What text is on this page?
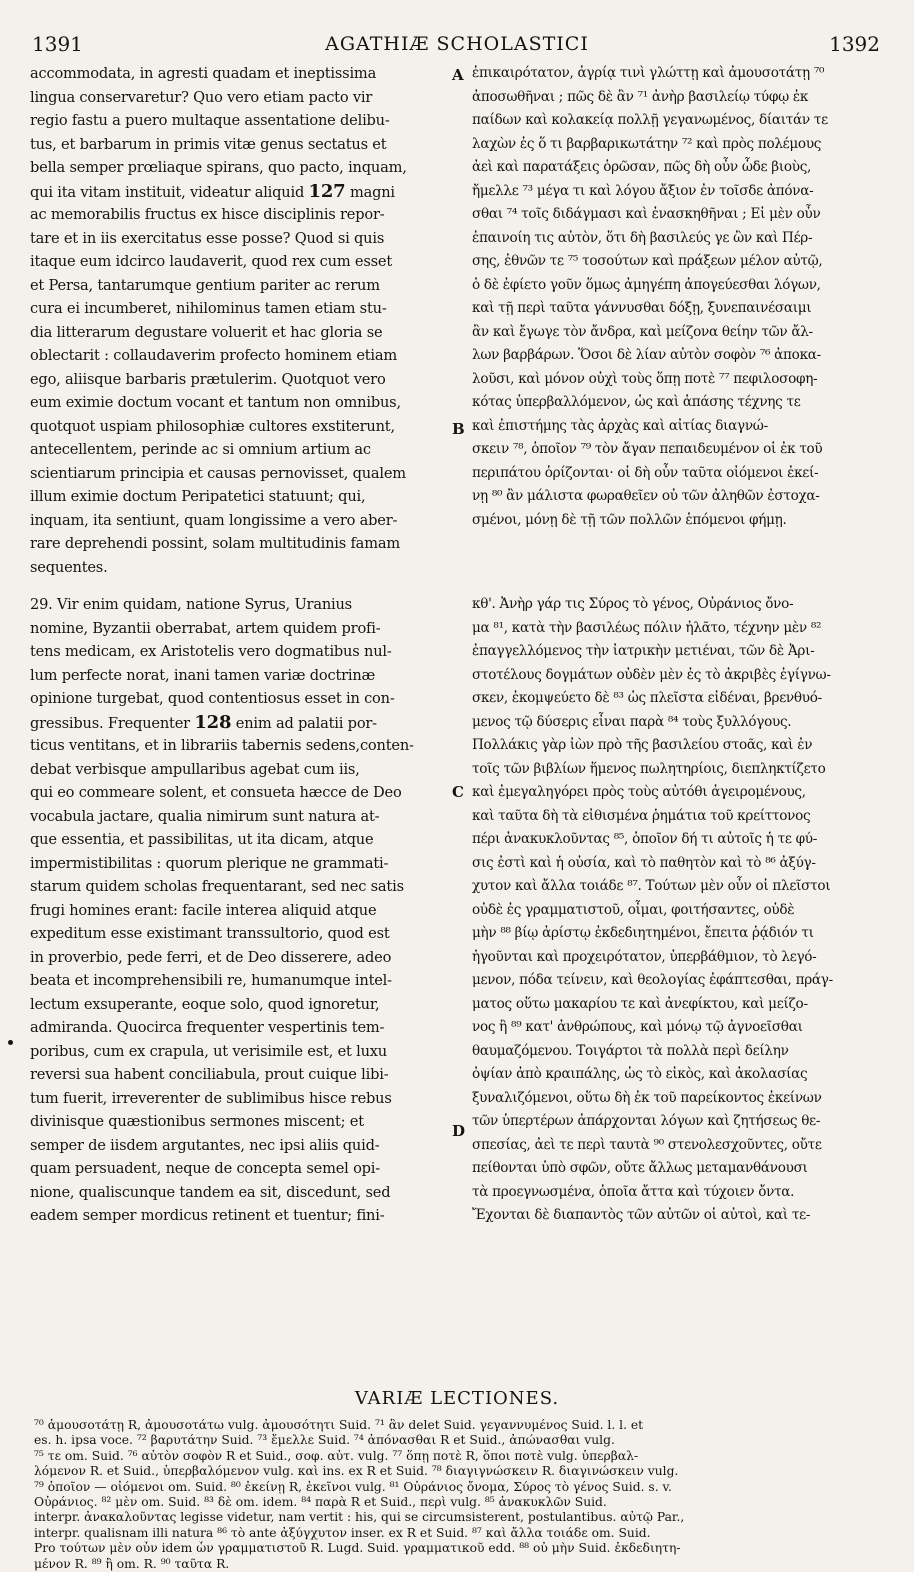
1391	AGATHIÆ SCHOLASTICI	1392
accommodata, in agresti quadam et ineptissima
lingua conservaretur? Quo vero etiam pacto vir
regio fastu a puero multaque assentatione delibu-
tus, et barbarum in primis vitæ genus sectatus et
bella semper prœliaque spirans, quo pacto, inquam,
qui ita vitam instituit, videatur aliquid 127 magni
ac memorabilis fructus ex hisce disciplinis repor-
tare et in iis exercitatus esse posse? Quod si quis
itaque eum idcirco laudaverit, quod rex cum esset
et Persa, tantarumque gentium pariter ac rerum
cura ei incumberet, nihilominus tamen etiam stu-
dia litterarum degustare voluerit et hac gloria se
oblectarit : collaudaverim profecto hominem etiam
ego, aliisque barbaris prætulerim. Quotquot vero
eum eximie doctum vocant et tantum non omnibus,
quotquot uspiam philosophiæ cultores exstiterunt,
antecellentem, perinde ac si omnium artium ac
scientiarum principia et causas pernovisset, qualem
illum eximie doctum Peripatetici statuunt; qui,
inquam, ita sentiunt, quam longissime a vero aber-
rare deprehendi possint, solam multitudinis famam
sequentes.
ἐπικαιρότατον, ἀγρίᾳ τινὶ γλώττῃ καὶ ἀμουσοτάτῃ ⁷⁰
ἀποσωθῆναι ; πῶς δὲ ἂν ⁷¹ ἀνὴρ βασιλείῳ τύφῳ ἐκ
παίδων καὶ κολακείᾳ πολλῇ γεγανωμένος, δίαιτάν τε
λαχὼν ἐς ὅ τι βαρβαρικωτάτην ⁷² καὶ πρὸς πολέμους
ἀεὶ καὶ παρατάξεις ὁρῶσαν, πῶς δὴ οὖν ὧδε βιοὺς,
ἤμελλε ⁷³ μέγα τι καὶ λόγου ἄξιον ἐν τοῖσδε ἀπόνα-
σθαι ⁷⁴ τοῖς διδάγμασι καὶ ἐνασκηθῆναι ; Εἰ μὲν οὖν
ἐπαινοίη τις αὐτὸν, ὅτι δὴ βασιλεύς γε ὢν καὶ Πέρ-
σης, ἐθνῶν τε ⁷⁵ τοσούτων καὶ πράξεων μέλον αὐτῷ,
ὁ δὲ ἐφίετο γοῦν ὅμως ἀμηγέπη ἀπογεύεσθαι λόγων,
καὶ τῇ περὶ ταῦτα γάννυσθαι δόξῃ, ξυνεπαινέσαιμι
ἂν καὶ ἔγωγε τὸν ἄνδρα, καὶ μείζονα θείην τῶν ἄλ-
λων βαρβάρων. Ὅσοι δὲ λίαν αὐτὸν σοφὸν ⁷⁶ ἀποκα-
λοῦσι, καὶ μόνον οὐχὶ τοὺς ὅπῃ ποτὲ ⁷⁷ πεφιλοσοφη-
κότας ὑπερβαλλόμενον, ὡς καὶ ἁπάσης τέχνης τε
καὶ ἐπιστήμης τὰς ἀρχὰς καὶ αἰτίας διαγνώ-
σκειν ⁷⁸, ὁποῖον ⁷⁹ τὸν ἄγαν πεπαιδευμένον οἱ ἐκ τοῦ
περιπάτου ὁρίζονται· οἱ δὴ οὖν ταῦτα οἰόμενοι ἐκεί-
νῃ ⁸⁰ ἂν μάλιστα φωραθεῖεν οὐ τῶν ἀληθῶν ἐστοχα-
σμένοι, μόνῃ δὲ τῇ τῶν πολλῶν ἑπόμενοι φήμῃ.
29. Vir enim quidam, natione Syrus, Uranius
nomine, Byzantii oberrabat, artem quidem profi-
tens medicam, ex Aristotelis vero dogmatibus nul-
lum perfecte norat, inani tamen variæ doctrinæ
opinione turgebat, quod contentiosus esset in con-
gressibus. Frequenter 128 enim ad palatii por-
ticus ventitans, et in librariis tabernis sedens,conten-
debat verbisque ampullaribus agebat cum iis,
qui eo commeare solent, et consueta hæcce de Deo
vocabula jactare, qualia nimirum sunt natura at-
que essentia, et passibilitas, ut ita dicam, atque
impermistibilitas : quorum plerique ne grammati-
starum quidem scholas frequentarant, sed nec satis
frugi homines erant: facile interea aliquid atque
expeditum esse existimant transsultorio, quod est
in proverbio, pede ferri, et de Deo disserere, adeo
beata et incomprehensibili re, humanumque intel-
lectum exsuperante, eoque solo, quod ignoretur,
admiranda. Quocirca frequenter vespertinis tem-
poribus, cum ex crapula, ut verisimile est, et luxu
reversi sua habent conciliabula, prout cuique libi-
tum fuerit, irreverenter de sublimibus hisce rebus
divinisque quæstionibus sermones miscent; et
semper de iisdem argutantes, nec ipsi aliis quid-
quam persuadent, neque de concepta semel opi-
nione, qualiscunque tandem ea sit, discedunt, sed
eadem semper mordicus retinent et tuentur; fini-
κθ'. Ἀνὴρ γάρ τις Σύρος τὸ γένος, Οὐράνιος ὄνο-
μα ⁸¹, κατὰ τὴν βασιλέως πόλιν ἠλᾶτο, τέχνην μὲν ⁸²
ἐπαγγελλόμενος τὴν ἰατρικὴν μετιέναι, τῶν δὲ Ἀρι-
στοτέλους δογμάτων οὐδὲν μὲν ἐς τὸ ἀκριβὲς ἐγίγνω-
σκεν, ἐκομψεύετο δὲ ⁸³ ὡς πλεῖστα εἰδέναι, βρενθυό-
μενος τῷ δύσερις εἶναι παρὰ ⁸⁴ τοὺς ξυλλόγους.
Πολλάκις γὰρ ἰὼν πρὸ τῆς βασιλείου στοᾶς, καὶ ἐν
τοῖς τῶν βιβλίων ἥμενος πωλητηρίοις, διεπληκτίζετο
καὶ ἐμεγαληγόρει πρὸς τοὺς αὐτόθι ἀγειρομένους,
καὶ ταῦτα δὴ τὰ εἰθισμένα ῥημάτια τοῦ κρείττονος
πέρι ἀνακυκλοῦντας ⁸⁵, ὁποῖον δή τι αὐτοῖς ἡ τε φύ-
σις ἐστὶ καὶ ἡ οὐσία, καὶ τὸ παθητὸν καὶ τὸ ⁸⁶ ἀξύγ-
χυτον καὶ ἄλλα τοιάδε ⁸⁷. Τούτων μὲν οὖν οἱ πλεῖστοι
οὐδὲ ἐς γραμματιστοῦ, οἶμαι, φοιτήσαντες, οὐδὲ
μὴν ⁸⁸ βίῳ ἀρίστῳ ἐκδεδιητημένοι, ἔπειτα ῥᾴδιόν τι
ἡγοῦνται καὶ προχειρότατον, ὑπερβάθμιον, τὸ λεγό-
μενον, πόδα τείνειν, καὶ θεολογίας ἐφάπτεσθαι, πράγ-
ματος οὕτω μακαρίου τε καὶ ἀνεφίκτου, καὶ μείζο-
νος ἢ ⁸⁹ κατ' ἀνθρώπους, καὶ μόνῳ τῷ ἀγνοεῖσθαι
θαυμαζόμενου. Τοιγάρτοι τὰ πολλὰ περὶ δείλην
ὀψίαν ἀπὸ κραιπάλης, ὡς τὸ εἰκὸς, καὶ ἀκολασίας
ξυναλιζόμενοι, οὕτω δὴ ἐκ τοῦ παρείκοντος ἐκείνων
τῶν ὑπερτέρων ἀπάρχονται λόγων καὶ ζητήσεως θε-
σπεσίας, ἀεὶ τε περὶ ταυτὰ ⁹⁰ στενολεσχοῦντες, οὔτε
πείθονται ὑπὸ σφῶν, οὔτε ἄλλως μεταμανθάνουσι
τὰ προεγνωσμένα, ὁποῖα ἄττα καὶ τύχοιεν ὄντα.
Ἔχονται δὲ διαπαντὸς τῶν αὐτῶν οἱ αὐτοὶ, καὶ τε-
A
B
C
D
VARIÆ LECTIONES.
⁷⁰ ἀμουσοτάτῃ R, ἀμουσοτάτω vulg. ἀμουσότητι Suid. ⁷¹ ἂν delet Suid. γεγαννυμένος Suid. l. l. et
es. h. ipsa voce. ⁷² βαρυτάτην Suid. ⁷³ ἔμελλε Suid. ⁷⁴ ἀπόνασθαι R et Suid., ἀπώνασθαι vulg.
⁷⁵ τε om. Suid. ⁷⁶ αὐτὸν σοφὸν R et Suid., σοφ. αὐτ. vulg. ⁷⁷ ὅπῃ ποτὲ R, ὅποι ποτὲ vulg. ὑπερβαλ-
λόμενον R. et Suid., ὑπερβαλόμενον vulg. καὶ ins. ex R et Suid. ⁷⁸ διαγιγνώσκειν R. διαγινώσκειν vulg.
⁷⁹ ὁποῖον — οἰόμενοι om. Suid. ⁸⁰ ἐκείνῃ R, ἐκεῖνοι vulg. ⁸¹ Οὐράνιος ὄνομα, Σύρος τὸ γένος Suid. s. v.
Οὐράνιος. ⁸² μὲν om. Suid. ⁸³ δὲ om. idem. ⁸⁴ παρὰ R et Suid., περὶ vulg. ⁸⁵ ἀνακυκλῶν Suid.
interpr. ἀνακαλοῦντας legisse videtur, nam vertit : his, qui se circumsisterent, postulantibus. αὐτῷ Par.,
interpr. qualisnam illi natura ⁸⁶ τὸ ante ἀξύγχυτον inser. ex R et Suid. ⁸⁷ καὶ ἄλλα τοιάδε om. Suid.
Pro τούτων μὲν οὖν idem ὧν γραμματιστοῦ R. Lugd. Suid. γραμματικοῦ edd. ⁸⁸ οὐ μὴν Suid. ἐκδεδιητη-
μένον R. ⁸⁹ ἢ om. R. ⁹⁰ ταῦτα R.
